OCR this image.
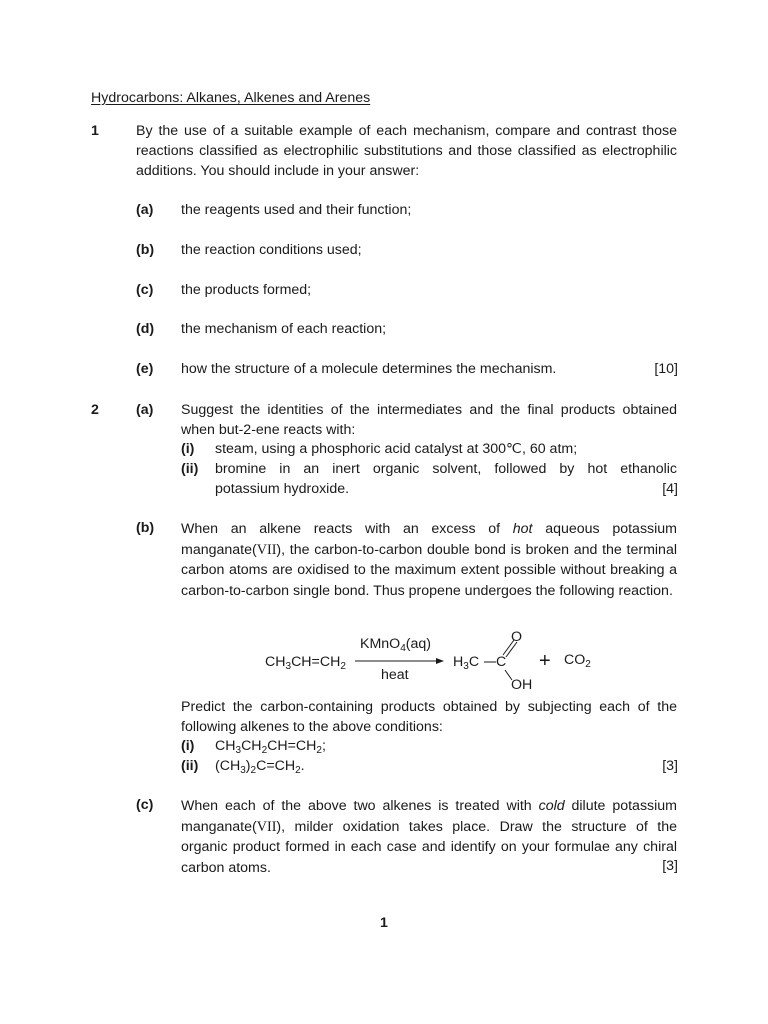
Hydrocarbons: Alkanes, Alkenes and Arenes
1	By the use of a suitable example of each mechanism, compare and contrast those reactions classified as electrophilic substitutions and those classified as electrophilic additions. You should include in your answer:
(a) the reagents used and their function;
(b) the reaction conditions used;
(c) the products formed;
(d) the mechanism of each reaction;
(e) how the structure of a molecule determines the mechanism.	[10]
2	(a) Suggest the identities of the intermediates and the final products obtained when but-2-ene reacts with:
(i) steam, using a phosphoric acid catalyst at 300℃, 60 atm;
(ii) bromine in an inert organic solvent, followed by hot ethanolic
potassium hydroxide.	[4]
(b) When an alkene reacts with an excess of hot aqueous potassium manganate(VII), the carbon-to-carbon double bond is broken and the terminal carbon atoms are oxidised to the maximum extent possible without breaking a carbon-to-carbon single bond. Thus propene undergoes the following reaction.
$CH_3CH=CH_2$
KMnO$_4$(aq)
heat
$H_3C$ C
O
OH
+ $CO_2$
Predict the carbon-containing products obtained by subjecting each of the following alkenes to the above conditions:
(i) $CH_3CH_2CH=CH_2$;
(ii) $(CH_3)_2C=CH_2$.	[3]
(c) When each of the above two alkenes is treated with cold dilute potassium manganate(VII), milder oxidation takes place. Draw the structure of the organic product formed in each case and identify on your formulae any chiral carbon atoms.	[3]
1
